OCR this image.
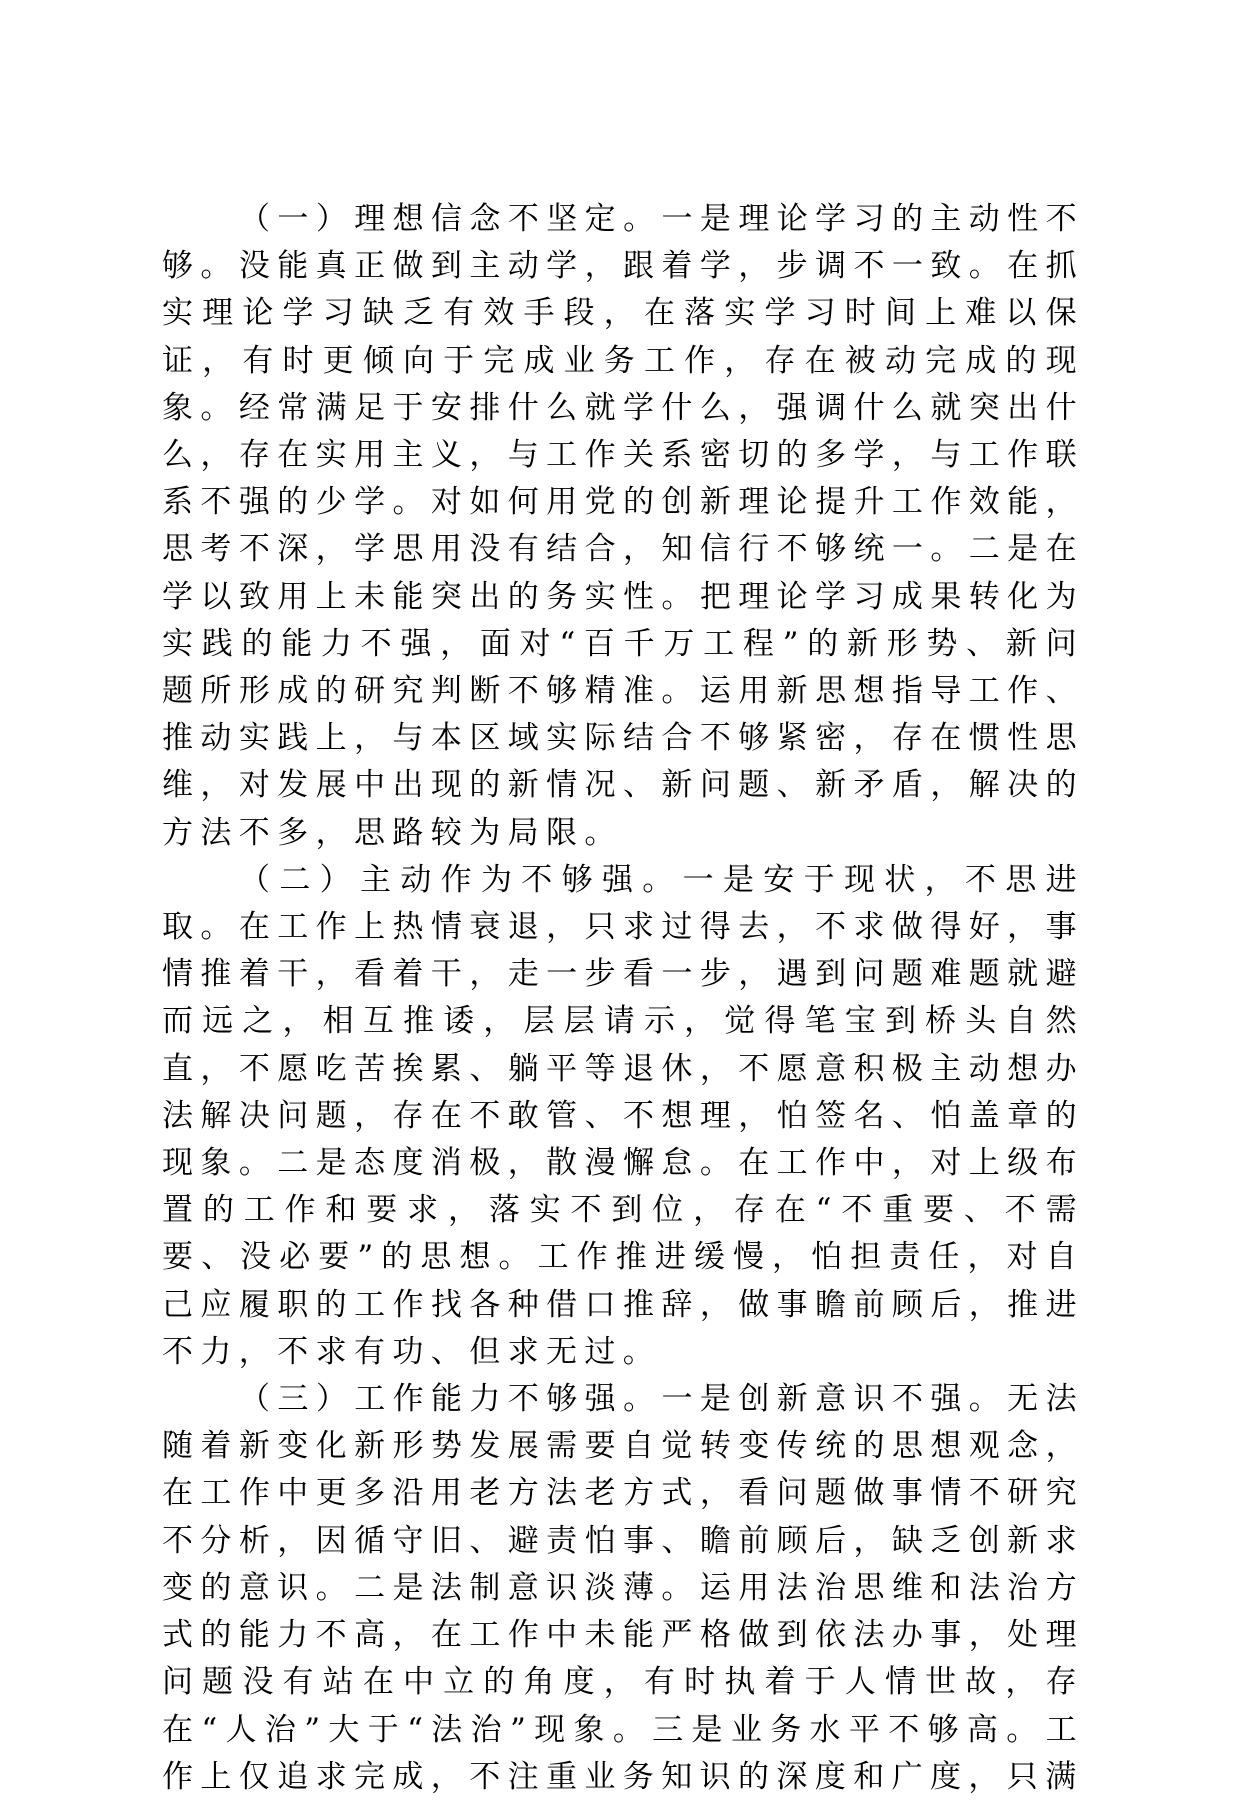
（一）理想信念不坚定。一是理论学习的主动性不够。没能真正做到主动学，跟着学，步调不一致。在抓实理论学习缺乏有效手段，在落实学习时间上难以保证，有时更倾向于完成业务工作，存在被动完成的现象。经常满足于安排什么就学什么，强调什么就突出什么，存在实用主义，与工作关系密切的多学，与工作联系不强的少学。对如何用党的创新理论提升工作效能，思考不深，学思用没有结合，知信行不够统一。二是在学以致用上未能突出的务实性。把理论学习成果转化为实践的能力不强，面对“百千万工程”的新形势、新问题所形成的研究判断不够精准。运用新思想指导工作、推动实践上，与本区域实际结合不够紧密，存在惯性思维，对发展中出现的新情况、新问题、新矛盾，解决的方法不多，思路较为局限。

（二）主动作为不够强。一是安于现状，不思进取。在工作上热情衰退，只求过得去，不求做得好，事情推着干，看着干，走一步看一步，遇到问题难题就避而远之，相互推诿，层层请示，觉得笔宝到桥头自然直，不愿吃苦挨累、躺平等退休，不愿意积极主动想办法解决问题，存在不敢管、不想理，怕签名、怕盖章的现象。二是态度消极，散漫懈怠。在工作中，对上级布置的工作和要求，落实不到位，存在“不重要、不需要、没必要”的思想。工作推进缓慢，怕担责任，对自己应履职的工作找各种借口推辞，做事瞻前顾后，推进不力，不求有功、但求无过。

（三）工作能力不够强。一是创新意识不强。无法随着新变化新形势发展需要自觉转变传统的思想观念，在工作中更多沿用老方法老方式，看问题做事情不研究不分析，因循守旧、避责怕事、瞻前顾后，缺乏创新求变的意识。二是法制意识淡薄。运用法治思维和法治方式的能力不高，在工作中未能严格做到依法办事，处理问题没有站在中立的角度，有时执着于人情世故，存在“人治”大于“法治”现象。三是业务水平不够高。工作上仅追求完成，不注重业务知识的深度和广度，只满
